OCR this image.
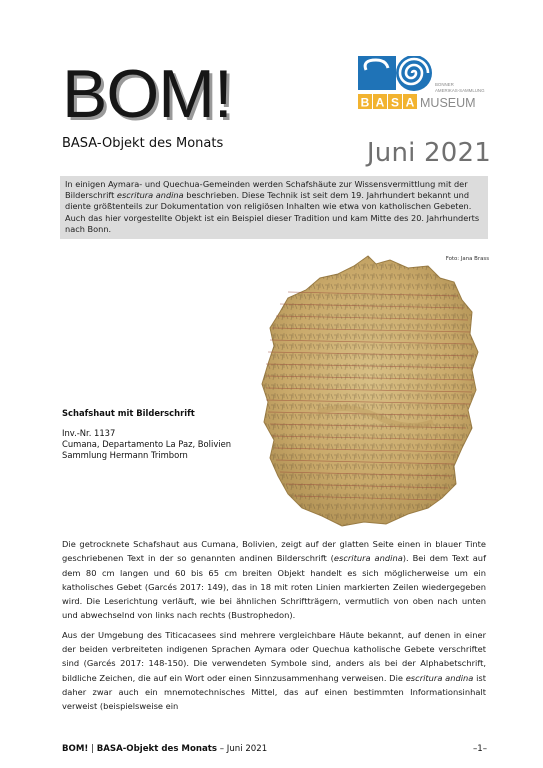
BOM!
BASA-Objekt des Monats
BONNER
AMERIKAS-SAMMLUNG
B A S A MUSEUM
Juni 2021
In einigen Aymara- und Quechua-Gemeinden werden Schafshäute zur Wissensvermittlung mit der Bilderschrift escritura andina beschrieben. Diese Technik ist seit dem 19. Jahrhundert bekannt und diente größtenteils zur Dokumentation von religiösen Inhalten wie etwa von katholischen Gebeten. Auch das hier vorgestellte Objekt ist ein Beispiel dieser Tradition und kam Mitte des 20. Jahrhunderts nach Bonn.
Foto: Jana Brass
Schafshaut mit Bilderschrift
Inv.-Nr. 1137
Cumana, Departamento La Paz, Bolivien
Sammlung Hermann Trimborn

Die getrocknete Schafshaut aus Cumana, Bolivien, zeigt auf der glatten Seite einen in blauer Tinte geschriebenen Text in der so genannten andinen Bilderschrift (escritura andina). Bei dem Text auf dem 80 cm langen und 60 bis 65 cm breiten Objekt handelt es sich möglicherweise um ein katholisches Gebet (Garcés 2017: 149), das in 18 mit roten Linien markierten Zeilen wiedergegeben wird. Die Leserichtung verläuft, wie bei ähnlichen Schriftträgern, vermutlich von oben nach unten und abwechselnd von links nach rechts (Bustrophedon).

Aus der Umgebung des Titicacasees sind mehrere vergleichbare Häute bekannt, auf denen in einer der beiden verbreiteten indigenen Sprachen Aymara oder Quechua katholische Gebete verschriftet sind (Garcés 2017: 148-150). Die verwendeten Symbole sind, anders als bei der Alphabetschrift, bildliche Zeichen, die auf ein Wort oder einen Sinnzusammenhang verweisen. Die escritura andina ist daher zwar auch ein mnemotechnisches Mittel, das auf einen bestimmten Informationsinhalt verweist (beispielsweise ein

BOM! | BASA-Objekt des Monats – Juni 2021	–1–
